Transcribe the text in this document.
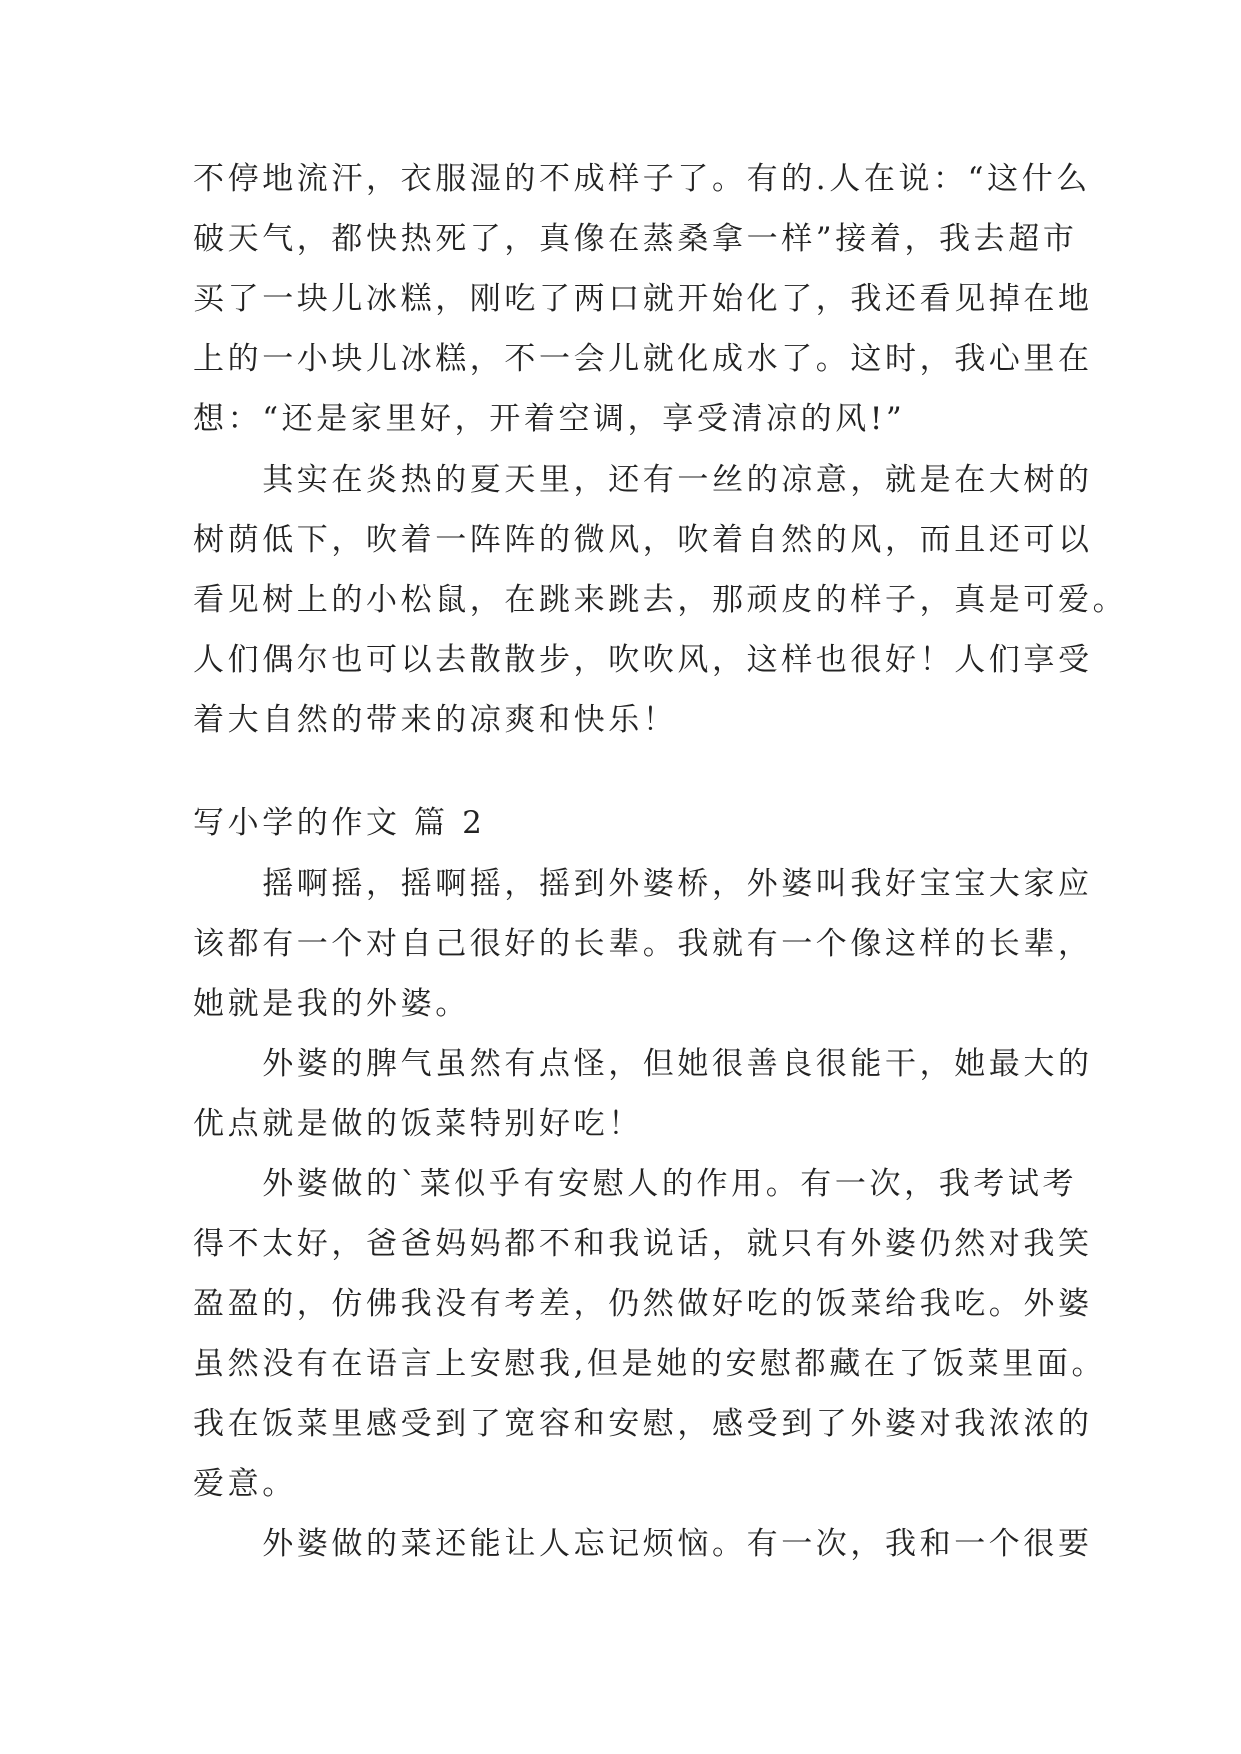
不停地流汗，衣服湿的不成样子了。有的.人在说：“这什么
破天气，都快热死了，真像在蒸桑拿一样”接着，我去超市
买了一块儿冰糕，刚吃了两口就开始化了，我还看见掉在地
上的一小块儿冰糕，不一会儿就化成水了。这时，我心里在
想：“还是家里好，开着空调，享受清凉的风!”
　　其实在炎热的夏天里，还有一丝的凉意，就是在大树的
树荫低下，吹着一阵阵的微风，吹着自然的风，而且还可以
看见树上的小松鼠，在跳来跳去，那顽皮的样子，真是可爱。
人们偶尔也可以去散散步，吹吹风，这样也很好！人们享受
着大自然的带来的凉爽和快乐！
写小学的作文 篇 2
　　摇啊摇，摇啊摇，摇到外婆桥，外婆叫我好宝宝大家应
该都有一个对自己很好的长辈。我就有一个像这样的长辈，
她就是我的外婆。
　　外婆的脾气虽然有点怪，但她很善良很能干，她最大的
优点就是做的饭菜特别好吃！
　　外婆做的`菜似乎有安慰人的作用。有一次，我考试考
得不太好，爸爸妈妈都不和我说话，就只有外婆仍然对我笑
盈盈的，仿佛我没有考差，仍然做好吃的饭菜给我吃。外婆
虽然没有在语言上安慰我,但是她的安慰都藏在了饭菜里面。
我在饭菜里感受到了宽容和安慰，感受到了外婆对我浓浓的
爱意。
　　外婆做的菜还能让人忘记烦恼。有一次，我和一个很要
